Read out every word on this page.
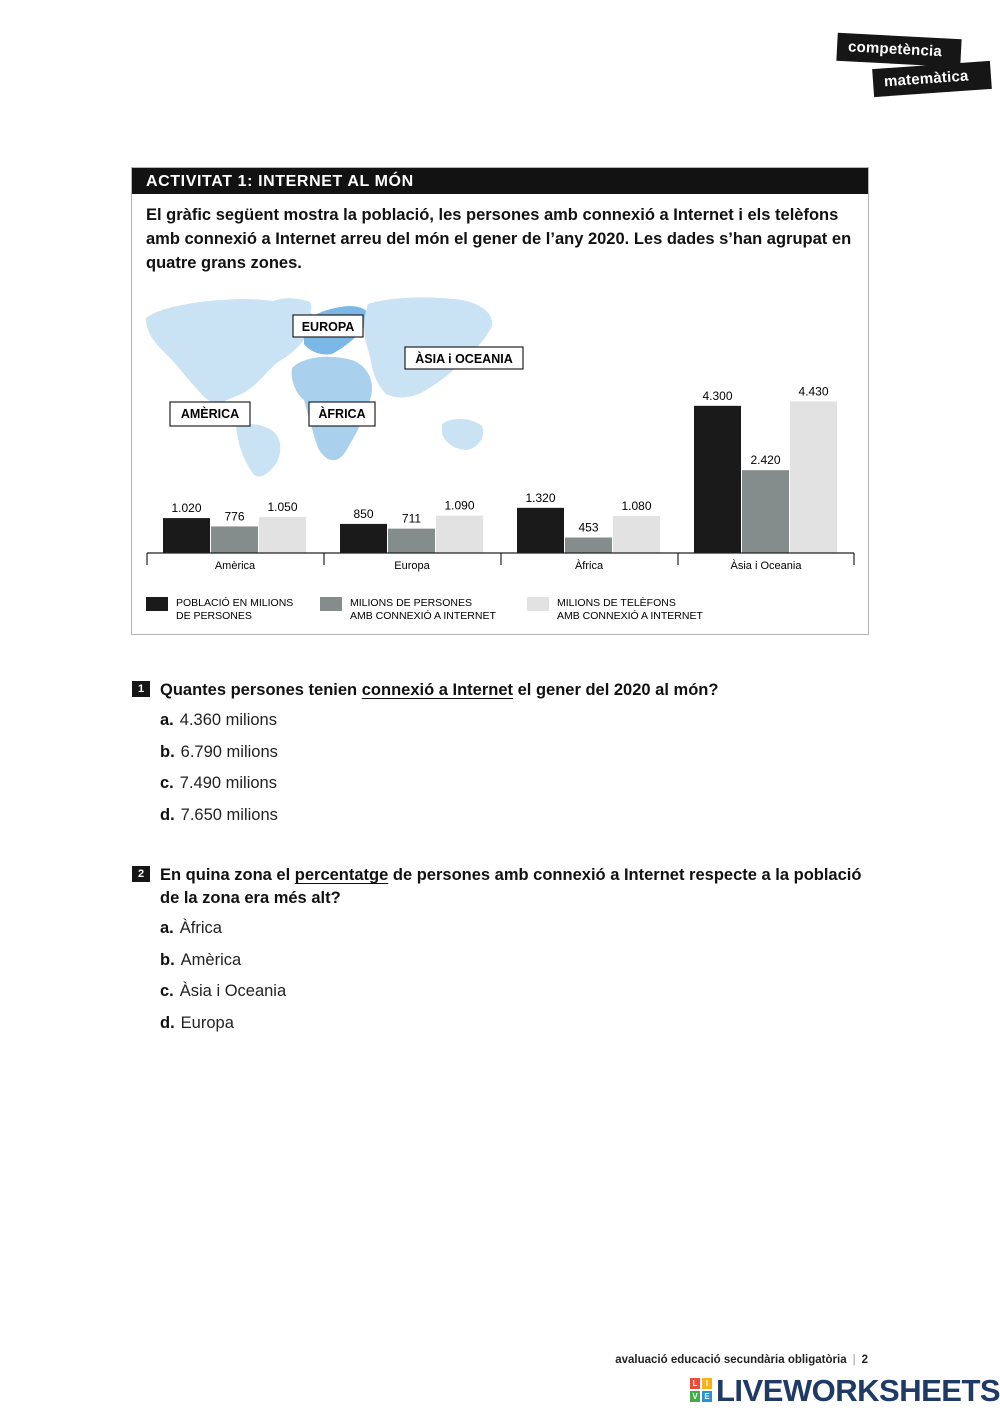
competència
matemàtica
ACTIVITAT 1: INTERNET AL MÓN

El gràfic següent mostra la població, les persones amb connexió a Internet i els telèfons amb connexió a Internet arreu del món el gener de l’any 2020. Les dades s’han agrupat en quatre grans zones.

EUROPA
ÀSIA i OCEANIA
AMÈRICA	ÀFRICA
1.020
776
1.050	850 711
1.090
1.320
453
1.080
4.300
2.420
4.430
Amèrica	Europa	Àfrica	Àsia i Oceania
POBLACIÓ EN MILIONS
DE PERSONES
MILIONS DE PERSONES
AMB CONNEXIÓ A INTERNET
MILIONS DE TELÈFONS
AMB CONNEXIÓ A INTERNET
1 Quantes persones tenien connexió a Internet el gener del 2020 al món?

a. 4.360 milions
b. 6.790 milions
c. 7.490 milions
d. 7.650 milions
2 En quina zona el percentatge de persones amb connexió a Internet respecte a la població de la zona era més alt?

a. Àfrica
b. Amèrica
c. Àsia i Oceania
d. Europa
avaluació educació secundària obligatòria | 2
L	I
V E LIVEWORKSHEETS
